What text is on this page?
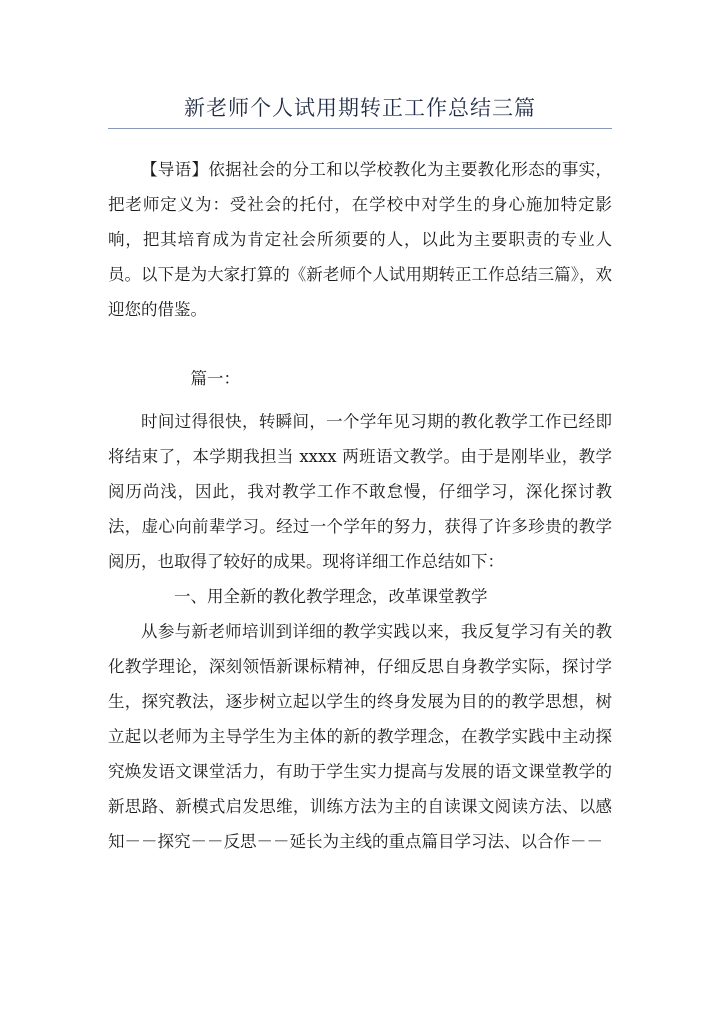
新老师个人试用期转正工作总结三篇

【导语】依据社会的分工和以学校教化为主要教化形态的事实，把老师定义为：受社会的托付，在学校中对学生的身心施加特定影响，把其培育成为肯定社会所须要的人，以此为主要职责的专业人员。以下是为大家打算的《新老师个人试用期转正工作总结三篇》，欢迎您的借鉴。

篇一：

时间过得很快，转瞬间，一个学年见习期的教化教学工作已经即将结束了，本学期我担当 xxxx 两班语文教学。由于是刚毕业，教学阅历尚浅，因此，我对教学工作不敢怠慢，仔细学习，深化探讨教法，虚心向前辈学习。经过一个学年的努力，获得了许多珍贵的教学阅历，也取得了较好的成果。现将详细工作总结如下：

一、用全新的教化教学理念，改革课堂教学

从参与新老师培训到详细的教学实践以来，我反复学习有关的教化教学理论，深刻领悟新课标精神，仔细反思自身教学实际，探讨学生，探究教法，逐步树立起以学生的终身发展为目的的教学思想，树立起以老师为主导学生为主体的新的教学理念，在教学实践中主动探究焕发语文课堂活力，有助于学生实力提高与发展的语文课堂教学的新思路、新模式启发思维，训练方法为主的自读课文阅读方法、以感知－－探究－－反思－－延长为主线的重点篇目学习法、以合作－－
